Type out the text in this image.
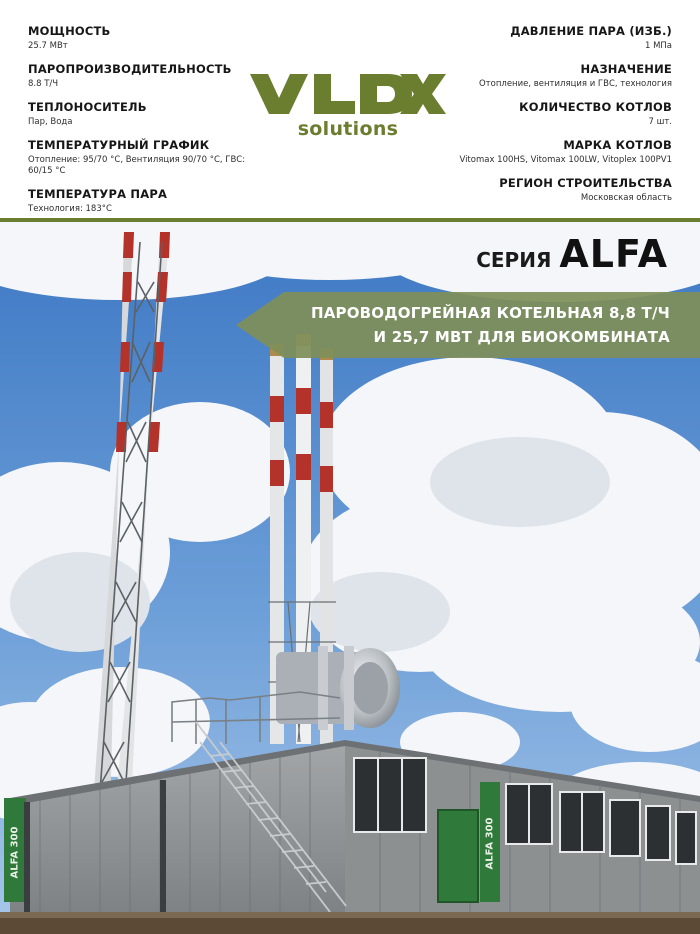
МОЩНОСТЬ
25.7 МВт
ПАРОПРОИЗВОДИТЕЛЬНОСТЬ
8.8 Т/Ч
ТЕПЛОНОСИТЕЛЬ
Пар, Вода
ТЕМПЕРАТУРНЫЙ ГРАФИК
Отопление: 95/70 °С, Вентиляция 90/70 °С, ГВС: 60/15 °С
ТЕМПЕРАТУРА ПАРА
Технология: 183°С
solutions
ДАВЛЕНИЕ ПАРА (ИЗБ.)
1 МПа
НАЗНАЧЕНИЕ
Отопление, вентиляция и ГВС, технология
КОЛИЧЕСТВО КОТЛОВ
7 шт.
МАРКА КОТЛОВ
Vitomax 100HS, Vitomax 100LW, Vitoplex 100PV1
РЕГИОН СТРОИТЕЛЬСТВА
Московская область
ALFA 300	ALFA 300
СЕРИЯ ALFA
ПАРОВОДОГРЕЙНАЯ КОТЕЛЬНАЯ 8,8 Т/Ч
И 25,7 МВТ ДЛЯ БИОКОМБИНАТА
